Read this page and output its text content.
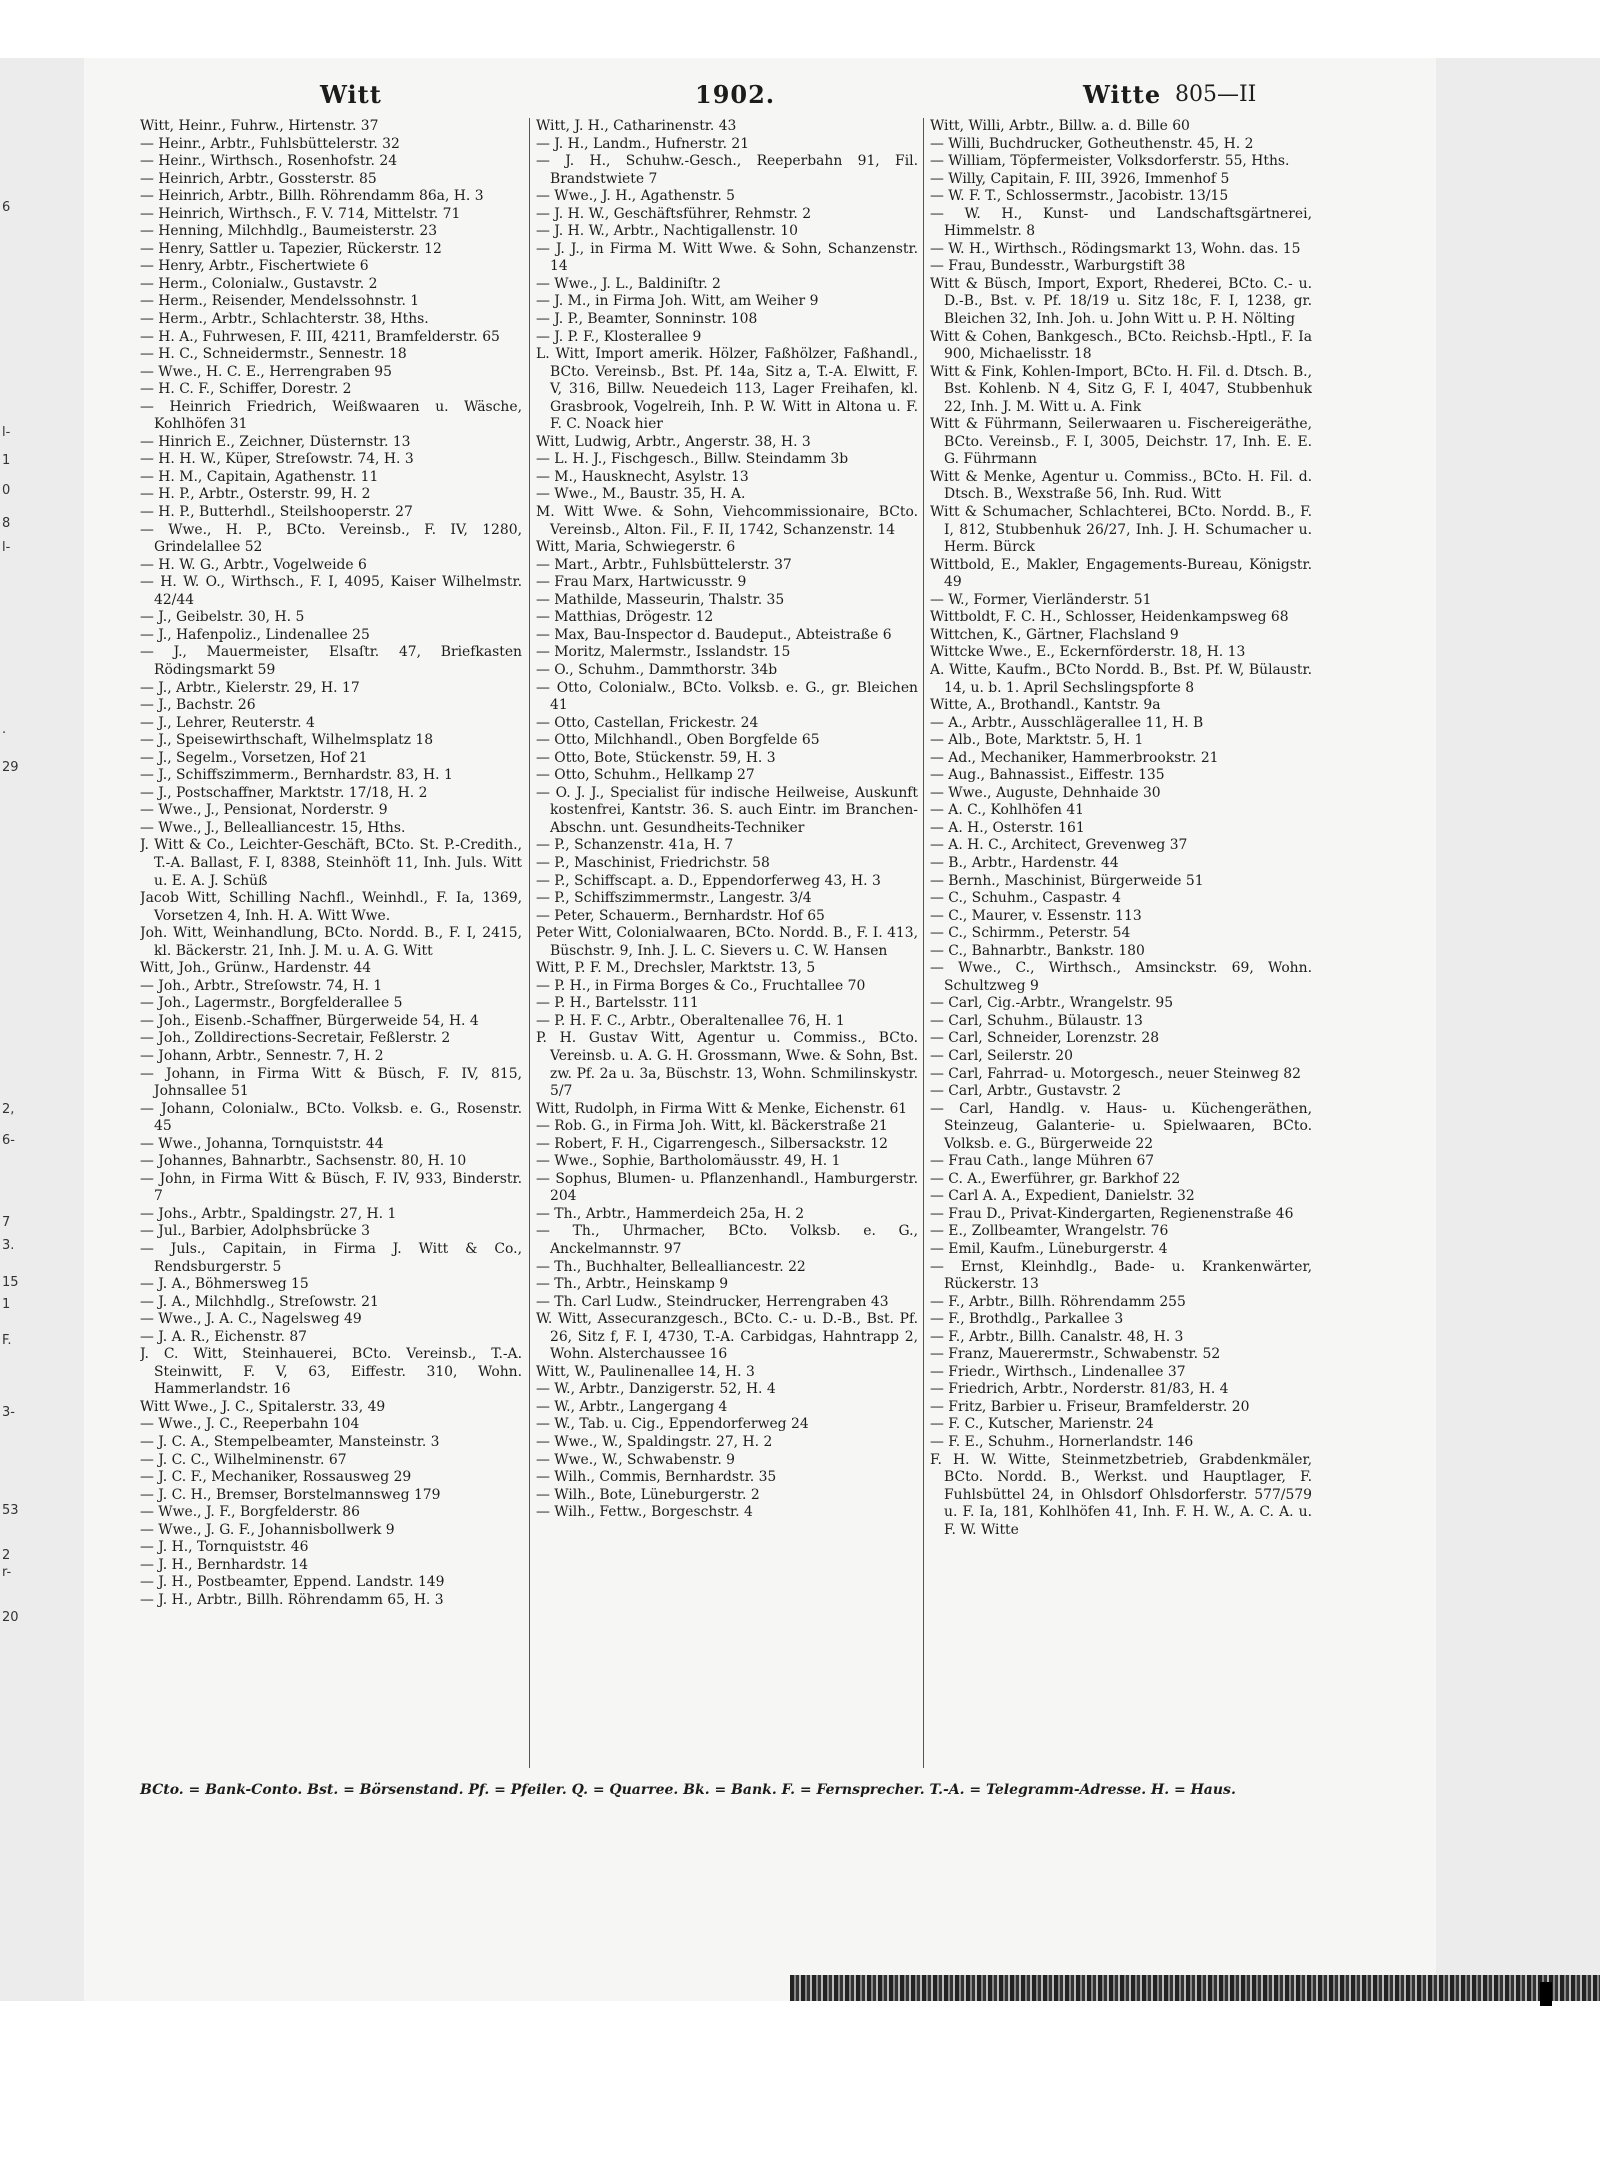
6
l-
1
0
8
l-
.
29
2,
6-
7
3.
15
1
F.
3-
53
2
r-
20
Witt	1902.	Witte 805—II

Witt, Heinr., Fuhrw., Hirtenstr. 37

— Heinr., Arbtr., Fuhlsbüttelerstr. 32

— Heinr., Wirthsch., Rosenhofstr. 24

— Heinrich, Arbtr., Gossterstr. 85

— Heinrich, Arbtr., Billh. Röhrendamm 86a, H. 3

— Heinrich, Wirthsch., F. V. 714, Mittelstr. 71

— Henning, Milchhdlg., Baumeisterstr. 23

— Henry, Sattler u. Tapezier, Rückerstr. 12

— Henry, Arbtr., Fischertwiete 6

— Herm., Colonialw., Gustavstr. 2

— Herm., Reisender, Mendelssohnstr. 1

— Herm., Arbtr., Schlachterstr. 38, Hths.

— H. A., Fuhrwesen, F. III, 4211, Bramfelderstr. 65

— H. C., Schneidermstr., Sennestr. 18

— Wwe., H. C. E., Herrengraben 95

— H. C. F., Schiffer, Dorestr. 2

— Heinrich Friedrich, Weißwaaren u. Wäsche, Kohlhöfen 31

— Hinrich E., Zeichner, Düsternstr. 13

— H. H. W., Küper, Streſowstr. 74, H. 3

— H. M., Capitain, Agathenstr. 11

— H. P., Arbtr., Osterstr. 99, H. 2

— H. P., Butterhdl., Steilshooperstr. 27

— Wwe., H. P., BCto. Vereinsb., F. IV, 1280, Grindelallee 52

— H. W. G., Arbtr., Vogelweide 6

— H. W. O., Wirthsch., F. I, 4095, Kaiser Wilhelmstr. 42/44

— J., Geibelstr. 30, H. 5

— J., Hafenpoliz., Lindenallee 25

— J., Mauermeister, Elsaſtr. 47, Briefkasten Rödingsmarkt 59

— J., Arbtr., Kielerstr. 29, H. 17

— J., Bachstr. 26

— J., Lehrer, Reuterstr. 4

— J., Speisewirthschaft, Wilhelmsplatz 18

— J., Segelm., Vorsetzen, Hof 21

— J., Schiffszimmerm., Bernhardstr. 83, H. 1

— J., Postschaffner, Marktstr. 17/18, H. 2

— Wwe., J., Pensionat, Norderstr. 9

— Wwe., J., Bellealliancestr. 15, Hths.

J. Witt & Co., Leichter-Geschäft, BCto. St. P.-Credith., T.-A. Ballast, F. I, 8388, Steinhöft 11, Inh. Juls. Witt u. E. A. J. Schüß

Jacob Witt, Schilling Nachfl., Weinhdl., F. Ia, 1369, Vorsetzen 4, Inh. H. A. Witt Wwe.

Joh. Witt, Weinhandlung, BCto. Nordd. B., F. I, 2415, kl. Bäckerstr. 21, Inh. J. M. u. A. G. Witt

Witt, Joh., Grünw., Hardenstr. 44

— Joh., Arbtr., Streſowstr. 74, H. 1

— Joh., Lagermstr., Borgfelderallee 5

— Joh., Eisenb.-Schaffner, Bürgerweide 54, H. 4

— Joh., Zolldirections-Secretair, Feßlerstr. 2

— Johann, Arbtr., Sennestr. 7, H. 2

— Johann, in Firma Witt & Büsch, F. IV, 815, Johnsallee 51

— Johann, Colonialw., BCto. Volksb. e. G., Rosenstr. 45

— Wwe., Johanna, Tornquiststr. 44

— Johannes, Bahnarbtr., Sachsenstr. 80, H. 10

— John, in Firma Witt & Büsch, F. IV, 933, Binderstr. 7

— Johs., Arbtr., Spaldingstr. 27, H. 1

— Jul., Barbier, Adolphsbrücke 3

— Juls., Capitain, in Firma J. Witt & Co., Rendsburgerstr. 5

— J. A., Böhmersweg 15

— J. A., Milchhdlg., Streſowstr. 21

— Wwe., J. A. C., Nagelsweg 49

— J. A. R., Eichenstr. 87

J. C. Witt, Steinhauerei, BCto. Vereinsb., T.-A. Steinwitt, F. V, 63, Eiffestr. 310, Wohn. Hammerlandstr. 16

Witt Wwe., J. C., Spitalerstr. 33, 49

— Wwe., J. C., Reeperbahn 104

— J. C. A., Stempelbeamter, Mansteinstr. 3

— J. C. C., Wilhelminenstr. 67

— J. C. F., Mechaniker, Rossausweg 29

— J. C. H., Bremser, Borstelmannsweg 179

— Wwe., J. F., Borgfelderstr. 86

— Wwe., J. G. F., Johannisbollwerk 9

— J. H., Tornquiststr. 46

— J. H., Bernhardstr. 14

— J. H., Postbeamter, Eppend. Landstr. 149

— J. H., Arbtr., Billh. Röhrendamm 65, H. 3

Witt, J. H., Catharinenstr. 43

— J. H., Landm., Hufnerstr. 21

— J. H., Schuhw.-Gesch., Reeperbahn 91, Fil. Brandstwiete 7

— Wwe., J. H., Agathenstr. 5

— J. H. W., Geschäftsführer, Rehmstr. 2

— J. H. W., Arbtr., Nachtigallenstr. 10

— J. J., in Firma M. Witt Wwe. & Sohn, Schanzenstr. 14

— Wwe., J. L., Baldiniſtr. 2

— J. M., in Firma Joh. Witt, am Weiher 9

— J. P., Beamter, Sonninstr. 108

— J. P. F., Klosterallee 9

L. Witt, Import amerik. Hölzer, Faßhölzer, Faßhandl., BCto. Vereinsb., Bst. Pf. 14a, Sitz a, T.-A. Elwitt, F. V, 316, Billw. Neuedeich 113, Lager Freihafen, kl. Grasbrook, Vogelreih, Inh. P. W. Witt in Altona u. F. F. C. Noack hier

Witt, Ludwig, Arbtr., Angerstr. 38, H. 3

— L. H. J., Fischgesch., Billw. Steindamm 3b

— M., Hausknecht, Asylstr. 13

— Wwe., M., Baustr. 35, H. A.

M. Witt Wwe. & Sohn, Viehcommissionaire, BCto. Vereinsb., Alton. Fil., F. II, 1742, Schanzenstr. 14

Witt, Maria, Schwiegerstr. 6

— Mart., Arbtr., Fuhlsbüttelerstr. 37

— Frau Marx, Hartwicusstr. 9

— Mathilde, Masseurin, Thalstr. 35

— Matthias, Drögestr. 12

— Max, Bau-Inspector d. Baudeput., Abteistraße 6

— Moritz, Malermstr., Isslandstr. 15

— O., Schuhm., Dammthorstr. 34b

— Otto, Colonialw., BCto. Volksb. e. G., gr. Bleichen 41

— Otto, Castellan, Frickestr. 24

— Otto, Milchhandl., Oben Borgfelde 65

— Otto, Bote, Stückenstr. 59, H. 3

— Otto, Schuhm., Hellkamp 27

— O. J. J., Specialist für indische Heilweise, Auskunft kostenfrei, Kantstr. 36. S. auch Eintr. im Branchen-Abschn. unt. Gesundheits-Techniker

— P., Schanzenstr. 41a, H. 7

— P., Maschinist, Friedrichstr. 58

— P., Schiffscapt. a. D., Eppendorferweg 43, H. 3

— P., Schiffszimmermstr., Langestr. 3/4

— Peter, Schauerm., Bernhardstr. Hof 65

Peter Witt, Colonialwaaren, BCto. Nordd. B., F. I. 413, Büschstr. 9, Inh. J. L. C. Sievers u. C. W. Hansen

Witt, P. F. M., Drechsler, Marktstr. 13, 5

— P. H., in Firma Borges & Co., Fruchtallee 70

— P. H., Bartelsstr. 111

— P. H. F. C., Arbtr., Oberaltenallee 76, H. 1

P. H. Gustav Witt, Agentur u. Commiss., BCto. Vereinsb. u. A. G. H. Grossmann, Wwe. & Sohn, Bst. zw. Pf. 2a u. 3a, Büschstr. 13, Wohn. Schmilinskystr. 5/7

Witt, Rudolph, in Firma Witt & Menke, Eichenstr. 61

— Rob. G., in Firma Joh. Witt, kl. Bäckerstraße 21

— Robert, F. H., Cigarrengesch., Silbersackstr. 12

— Wwe., Sophie, Bartholomäusstr. 49, H. 1

— Sophus, Blumen- u. Pflanzenhandl., Hamburgerstr. 204

— Th., Arbtr., Hammerdeich 25a, H. 2

— Th., Uhrmacher, BCto. Volksb. e. G., Anckelmannstr. 97

— Th., Buchhalter, Bellealliancestr. 22

— Th., Arbtr., Heinskamp 9

— Th. Carl Ludw., Steindrucker, Herrengraben 43

W. Witt, Assecuranzgesch., BCto. C.- u. D.-B., Bst. Pf. 26, Sitz f, F. I, 4730, T.-A. Carbidgas, Hahntrapp 2, Wohn. Alsterchaussee 16

Witt, W., Paulinenallee 14, H. 3

— W., Arbtr., Danzigerstr. 52, H. 4

— W., Arbtr., Langergang 4

— W., Tab. u. Cig., Eppendorferweg 24

— Wwe., W., Spaldingstr. 27, H. 2

— Wwe., W., Schwabenstr. 9

— Wilh., Commis, Bernhardstr. 35

— Wilh., Bote, Lüneburgerstr. 2

— Wilh., Fettw., Borgeschstr. 4

Witt, Willi, Arbtr., Billw. a. d. Bille 60

— Willi, Buchdrucker, Gotheuthenstr. 45, H. 2

— William, Töpfermeister, Volksdorferstr. 55, Hths.

— Willy, Capitain, F. III, 3926, Immenhof 5

— W. F. T., Schlossermstr., Jacobistr. 13/15

— W. H., Kunst- und Landschaftsgärtnerei, Himmelstr. 8

— W. H., Wirthsch., Rödingsmarkt 13, Wohn. das. 15

— Frau, Bundesstr., Warburgstift 38

Witt & Büsch, Import, Export, Rhederei, BCto. C.- u. D.-B., Bst. v. Pf. 18/19 u. Sitz 18c, F. I, 1238, gr. Bleichen 32, Inh. Joh. u. John Witt u. P. H. Nölting

Witt & Cohen, Bankgesch., BCto. Reichsb.-Hptl., F. Ia 900, Michaelisstr. 18

Witt & Fink, Kohlen-Import, BCto. H. Fil. d. Dtsch. B., Bst. Kohlenb. N 4, Sitz G, F. I, 4047, Stubbenhuk 22, Inh. J. M. Witt u. A. Fink

Witt & Führmann, Seilerwaaren u. Fischereigeräthe, BCto. Vereinsb., F. I, 3005, Deichstr. 17, Inh. E. E. G. Führmann

Witt & Menke, Agentur u. Commiss., BCto. H. Fil. d. Dtsch. B., Wexstraße 56, Inh. Rud. Witt

Witt & Schumacher, Schlachterei, BCto. Nordd. B., F. I, 812, Stubbenhuk 26/27, Inh. J. H. Schumacher u. Herm. Bürck

Wittbold, E., Makler, Engagements-Bureau, Königstr. 49

— W., Former, Vierländerstr. 51

Wittboldt, F. C. H., Schlosser, Heidenkampsweg 68

Wittchen, K., Gärtner, Flachsland 9

Wittcke Wwe., E., Eckernförderstr. 18, H. 13

A. Witte, Kaufm., BCto Nordd. B., Bst. Pf. W, Bülaustr. 14, u. b. 1. April Sechslingspforte 8

Witte, A., Brothandl., Kantstr. 9a

— A., Arbtr., Ausschlägerallee 11, H. B

— Alb., Bote, Marktstr. 5, H. 1

— Ad., Mechaniker, Hammerbrookstr. 21

— Aug., Bahnassist., Eiffestr. 135

— Wwe., Auguste, Dehnhaide 30

— A. C., Kohlhöfen 41

— A. H., Osterstr. 161

— A. H. C., Architect, Grevenweg 37

— B., Arbtr., Hardenstr. 44

— Bernh., Maschinist, Bürgerweide 51

— C., Schuhm., Caspastr. 4

— C., Maurer, v. Essenstr. 113

— C., Schirmm., Peterstr. 54

— C., Bahnarbtr., Bankstr. 180

— Wwe., C., Wirthsch., Amsinckstr. 69, Wohn. Schultzweg 9

— Carl, Cig.-Arbtr., Wrangelstr. 95

— Carl, Schuhm., Bülaustr. 13

— Carl, Schneider, Lorenzstr. 28

— Carl, Seilerstr. 20

— Carl, Fahrrad- u. Motorgesch., neuer Steinweg 82

— Carl, Arbtr., Gustavstr. 2

— Carl, Handlg. v. Haus- u. Küchengeräthen, Steinzeug, Galanterie- u. Spielwaaren, BCto. Volksb. e. G., Bürgerweide 22

— Frau Cath., lange Mühren 67

— C. A., Ewerführer, gr. Barkhof 22

— Carl A. A., Expedient, Danielstr. 32

— Frau D., Privat-Kindergarten, Regienenstraße 46

— E., Zollbeamter, Wrangelstr. 76

— Emil, Kaufm., Lüneburgerstr. 4

— Ernst, Kleinhdlg., Bade- u. Krankenwärter, Rückerstr. 13

— F., Arbtr., Billh. Röhrendamm 255

— F., Brothdlg., Parkallee 3

— F., Arbtr., Billh. Canalstr. 48, H. 3

— Franz, Mauerermstr., Schwabenstr. 52

— Friedr., Wirthsch., Lindenallee 37

— Friedrich, Arbtr., Norderstr. 81/83, H. 4

— Fritz, Barbier u. Friseur, Bramfelderstr. 20

— F. C., Kutscher, Marienstr. 24

— F. E., Schuhm., Hornerlandstr. 146

F. H. W. Witte, Steinmetzbetrieb, Grabdenkmäler, BCto. Nordd. B., Werkst. und Hauptlager, F. Fuhlsbüttel 24, in Ohlsdorf Ohlsdorferstr. 577/579 u. F. Ia, 181, Kohlhöfen 41, Inh. F. H. W., A. C. A. u. F. W. Witte

BCto. = Bank-Conto. Bst. = Börsenstand. Pf. = Pfeiler. Q. = Quarree. Bk. = Bank. F. = Fernsprecher. T.-A. = Telegramm-Adresse. H. = Haus.
